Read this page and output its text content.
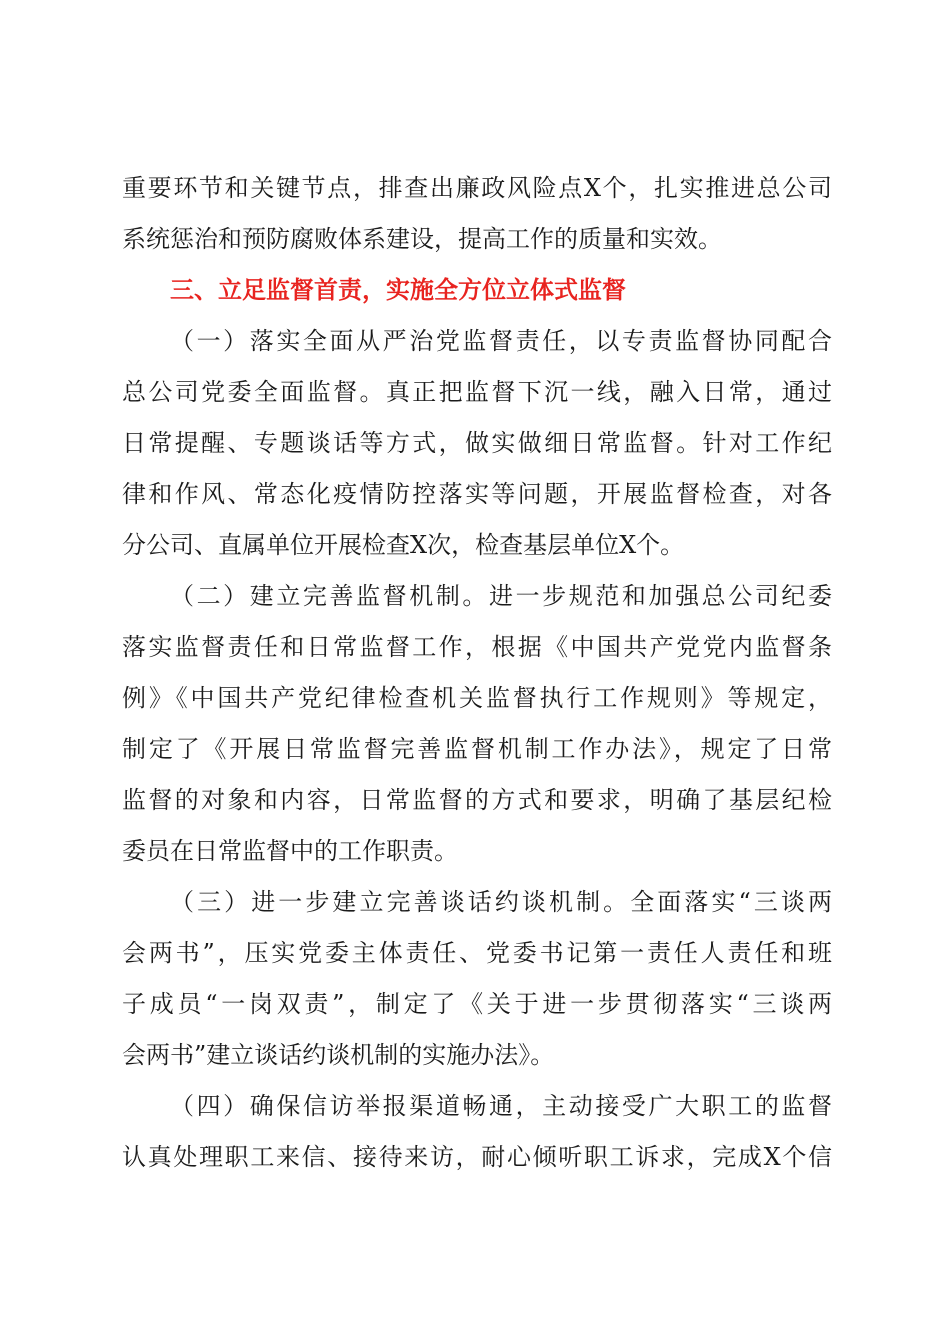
重要环节和关键节点，排查出廉政风险点X个，扎实推进总公司
系统惩治和预防腐败体系建设，提高工作的质量和实效。
三、立足监督首责，实施全方位立体式监督
（一）落实全面从严治党监督责任，以专责监督协同配合
总公司党委全面监督。真正把监督下沉一线，融入日常，通过
日常提醒、专题谈话等方式，做实做细日常监督。针对工作纪
律和作风、常态化疫情防控落实等问题，开展监督检查，对各
分公司、直属单位开展检查X次，检查基层单位X个。
（二）建立完善监督机制。进一步规范和加强总公司纪委
落实监督责任和日常监督工作，根据《中国共产党党内监督条
例》《中国共产党纪律检查机关监督执行工作规则》等规定，
制定了《开展日常监督完善监督机制工作办法》，规定了日常
监督的对象和内容，日常监督的方式和要求，明确了基层纪检
委员在日常监督中的工作职责。
（三）进一步建立完善谈话约谈机制。全面落实“三谈两
会两书”，压实党委主体责任、党委书记第一责任人责任和班
子成员“一岗双责”，制定了《关于进一步贯彻落实“三谈两
会两书”建立谈话约谈机制的实施办法》。
（四）确保信访举报渠道畅通，主动接受广大职工的监督
认真处理职工来信、接待来访，耐心倾听职工诉求，完成X个信
